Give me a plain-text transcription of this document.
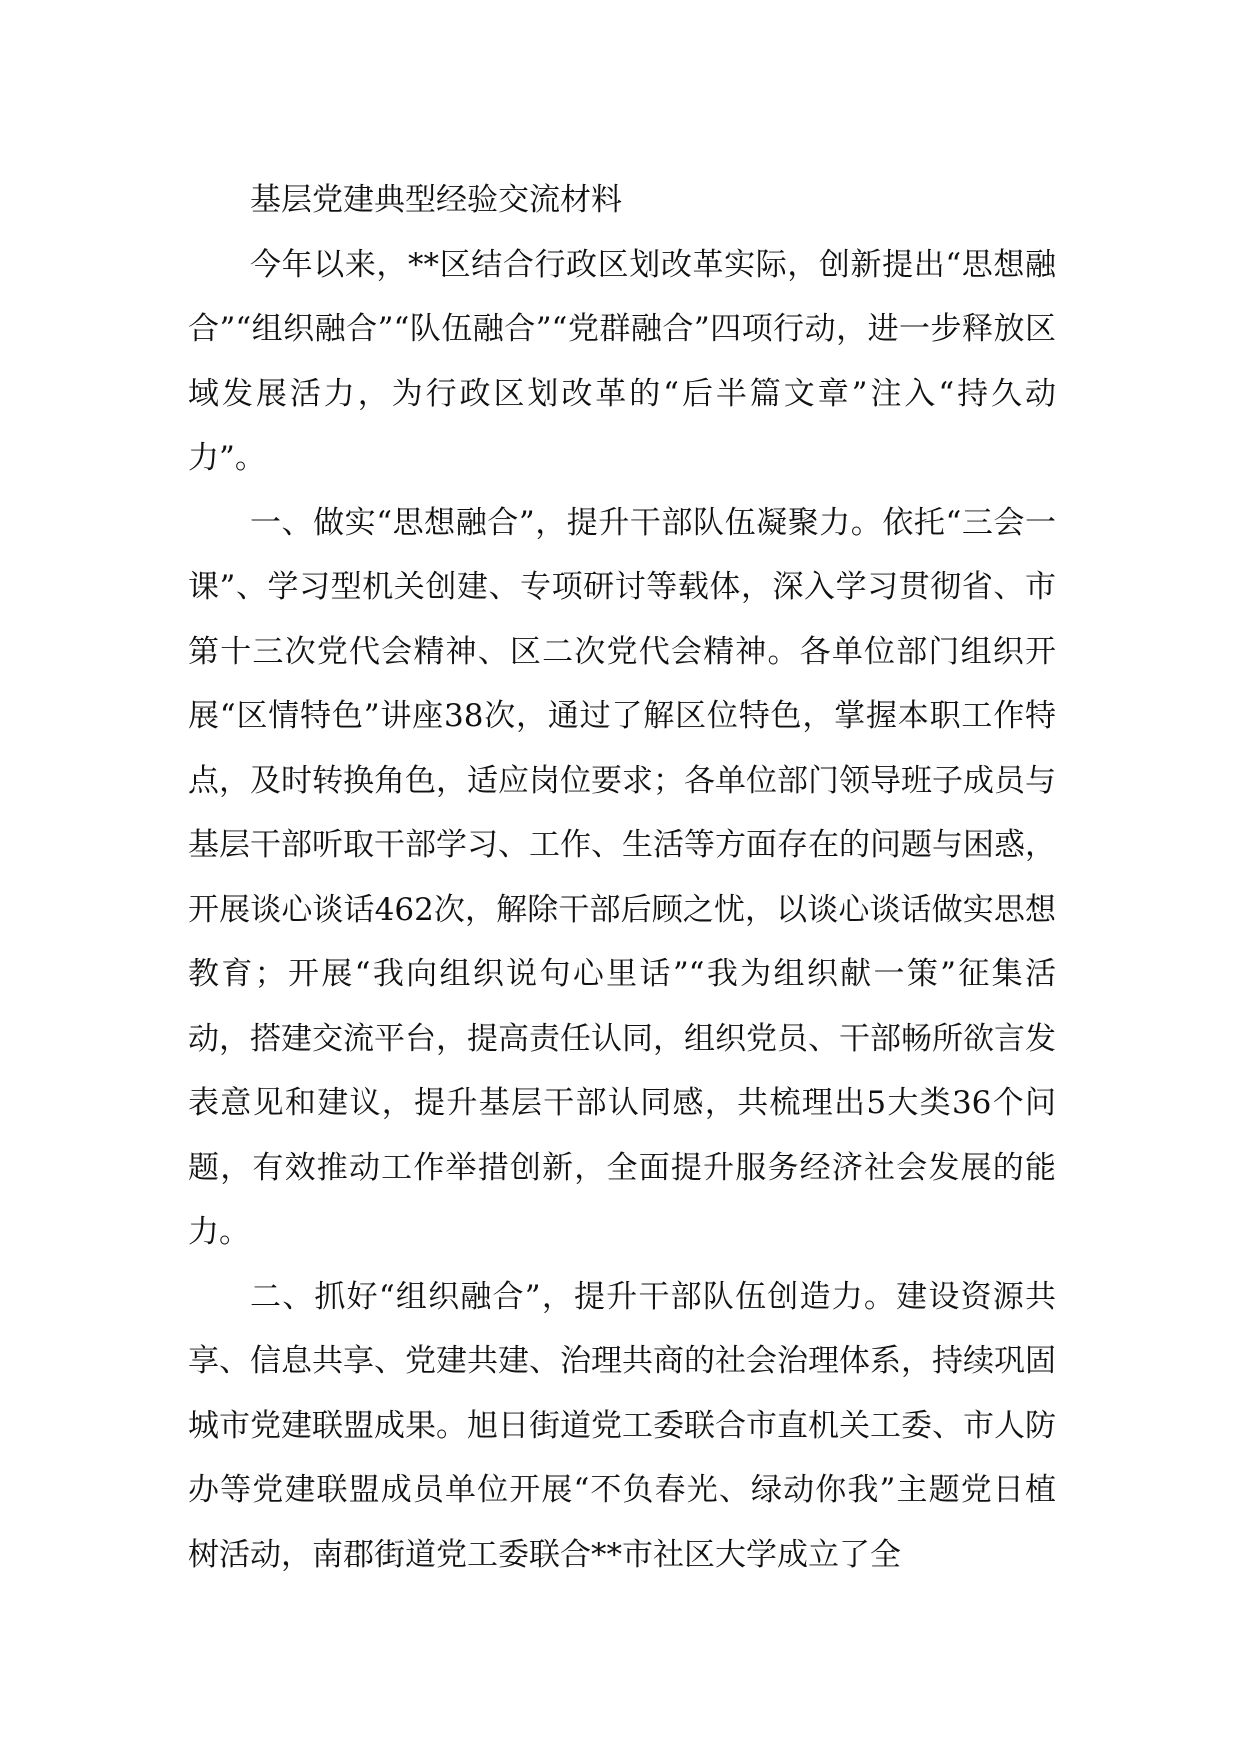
基层党建典型经验交流材料

今年以来，**区结合行政区划改革实际，创新提出“思想融合”“组织融合”“队伍融合”“党群融合”四项行动，进一步释放区域发展活力，为行政区划改革的“后半篇文章”注入“持久动力”。

一、做实“思想融合”，提升干部队伍凝聚力。依托“三会一课”、学习型机关创建、专项研讨等载体，深入学习贯彻省、市第十三次党代会精神、区二次党代会精神。各单位部门组织开展“区情特色”讲座38次，通过了解区位特色，掌握本职工作特点，及时转换角色，适应岗位要求；各单位部门领导班子成员与基层干部听取干部学习、工作、生活等方面存在的问题与困惑，开展谈心谈话462次，解除干部后顾之忧，以谈心谈话做实思想教育；开展“我向组织说句心里话”“我为组织献一策”征集活动，搭建交流平台，提高责任认同，组织党员、干部畅所欲言发表意见和建议，提升基层干部认同感，共梳理出5大类36个问题，有效推动工作举措创新，全面提升服务经济社会发展的能力。

二、抓好“组织融合”，提升干部队伍创造力。建设资源共享、信息共享、党建共建、治理共商的社会治理体系，持续巩固城市党建联盟成果。旭日街道党工委联合市直机关工委、市人防办等党建联盟成员单位开展“不负春光、绿动你我”主题党日植树活动，南郡街道党工委联合**市社区大学成立了全
